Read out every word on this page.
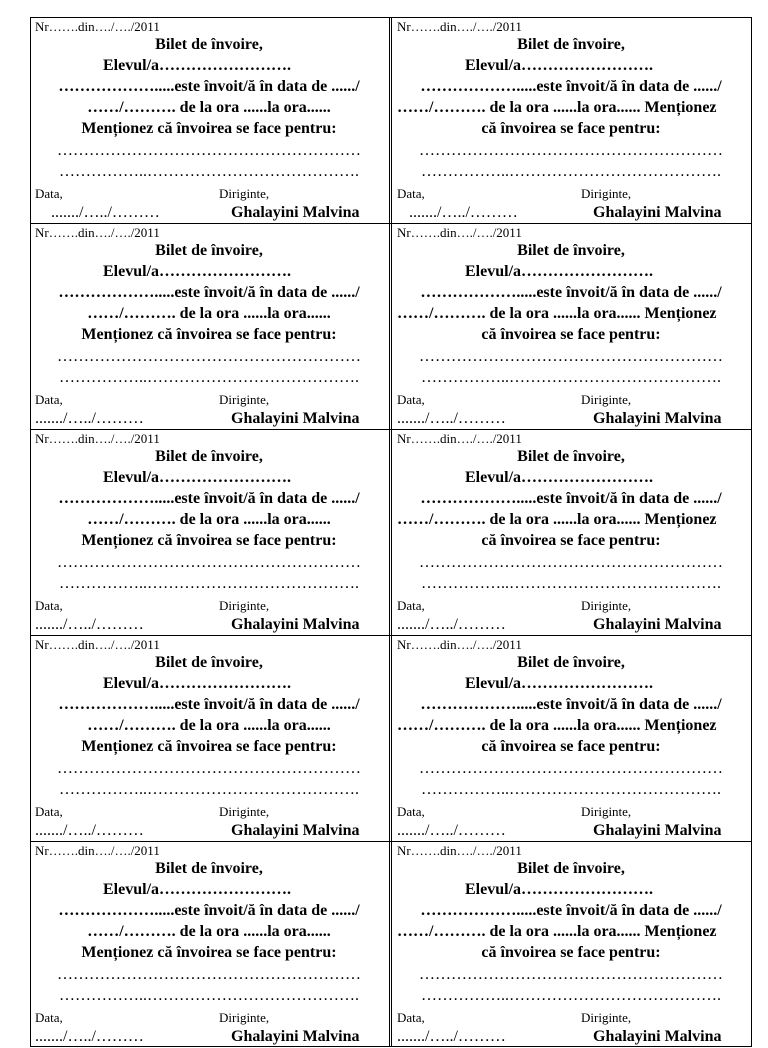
Nr…….din…./…./2011
Bilet de învoire,
Elevul/a…………………….
……………….....este învoit/ă în data de ....../
……/………. de la ora ......la ora......
Menționez că învoirea se face pentru:
…………………………………………………
……………..………………………………….
Data,	Diriginte,
......./…../………	Ghalayini Malvina
Nr…….din…./…./2011
Bilet de învoire,
Elevul/a…………………….
……………….....este învoit/ă în data de ....../
……/………. de la ora ......la ora...... Menționez
că învoirea se face pentru:
…………………………………………………
……………..………………………………….
Data,	Diriginte,
......./…../………	Ghalayini Malvina
Nr…….din…./…./2011
Bilet de învoire,
Elevul/a…………………….
……………….....este învoit/ă în data de ....../
……/………. de la ora ......la ora......
Menționez că învoirea se face pentru:
…………………………………………………
……………..………………………………….
Data,	Diriginte,
......./…../………	Ghalayini Malvina
Nr…….din…./…./2011
Bilet de învoire,
Elevul/a…………………….
……………….....este învoit/ă în data de ....../
……/………. de la ora ......la ora...... Menționez
că învoirea se face pentru:
…………………………………………………
……………..………………………………….
Data,	Diriginte,
......./…../………	Ghalayini Malvina
Nr…….din…./…./2011
Bilet de învoire,
Elevul/a…………………….
……………….....este învoit/ă în data de ....../
……/………. de la ora ......la ora......
Menționez că învoirea se face pentru:
…………………………………………………
……………..………………………………….
Data,	Diriginte,
......./…../………	Ghalayini Malvina
Nr…….din…./…./2011
Bilet de învoire,
Elevul/a…………………….
……………….....este învoit/ă în data de ....../
……/………. de la ora ......la ora...... Menționez
că învoirea se face pentru:
…………………………………………………
……………..………………………………….
Data,	Diriginte,
......./…../………	Ghalayini Malvina
Nr…….din…./…./2011
Bilet de învoire,
Elevul/a…………………….
……………….....este învoit/ă în data de ....../
……/………. de la ora ......la ora......
Menționez că învoirea se face pentru:
…………………………………………………
……………..………………………………….
Data,	Diriginte,
......./…../………	Ghalayini Malvina
Nr…….din…./…./2011
Bilet de învoire,
Elevul/a…………………….
……………….....este învoit/ă în data de ....../
……/………. de la ora ......la ora...... Menționez
că învoirea se face pentru:
…………………………………………………
……………..………………………………….
Data,	Diriginte,
......./…../………	Ghalayini Malvina
Nr…….din…./…./2011
Bilet de învoire,
Elevul/a…………………….
……………….....este învoit/ă în data de ....../
……/………. de la ora ......la ora......
Menționez că învoirea se face pentru:
…………………………………………………
……………..………………………………….
Data,	Diriginte,
......./…../………	Ghalayini Malvina
Nr…….din…./…./2011
Bilet de învoire,
Elevul/a…………………….
……………….....este învoit/ă în data de ....../
……/………. de la ora ......la ora...... Menționez
că învoirea se face pentru:
…………………………………………………
……………..………………………………….
Data,	Diriginte,
......./…../………	Ghalayini Malvina
